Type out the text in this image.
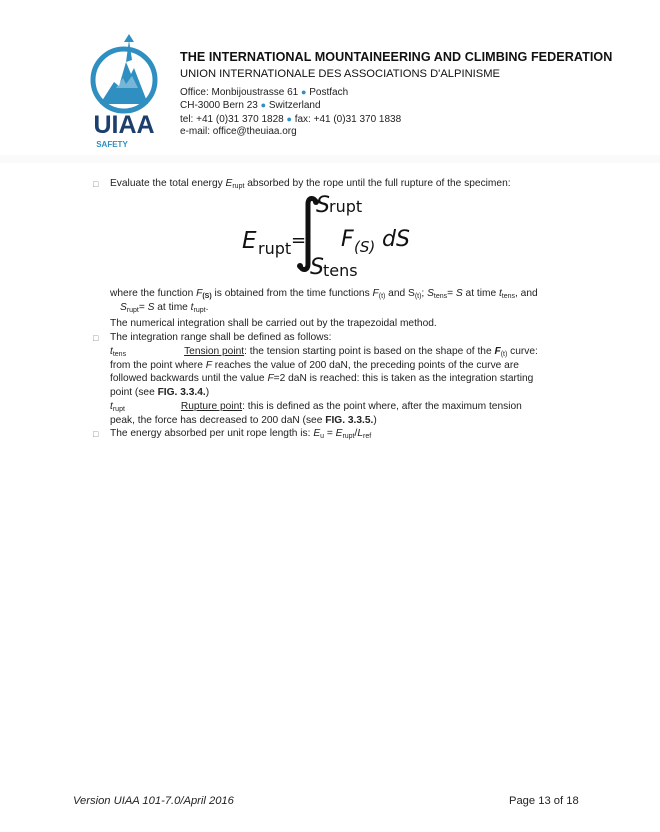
UIAA
SAFETY
THE INTERNATIONAL MOUNTAINEERING AND CLIMBING FEDERATION
UNION INTERNATIONALE DES ASSOCIATIONS D'ALPINISME
Office: Monbijoustrasse 61 ● Postfach
CH-3000 Bern 23 ● Switzerland
tel: +41 (0)31 370 1828 ● fax: +41 (0)31 370 1838
e-mail: office@theuiaa.org
□ Evaluate the total energy $E_{rupt}$ absorbed by the rope until the full rupture of the specimen:
E rupt =
S rupt
F (S) dS
S tens
where the function $F_{(S)}$ is obtained from the time functions $F_{(t)}$ and $S_{(t)}$; $S_{tens}= S$ at time $t_{tens}$, and
$S_{rupt}= S$ at time $t_{rupt}$.
The numerical integration shall be carried out by the trapezoidal method.
□ The integration range shall be defined as follows:
$t_{tens}$	Tension point: the tension starting point is based on the shape of the $F_{(t)}$ curve:
from the point where F reaches the value of 200 daN, the preceding points of the curve are
followed backwards until the value F=2 daN is reached: this is taken as the integration starting
point (see FIG. 3.3.4.)
$t_{rupt}$	Rupture point: this is defined as the point where, after the maximum tension
peak, the force has decreased to 200 daN (see FIG. 3.3.5.)
□ The energy absorbed per unit rope length is: $E_u = E_{rupt}/L_{ref}$
Version UIAA 101-7.0/April 2016	Page 13 of 18
